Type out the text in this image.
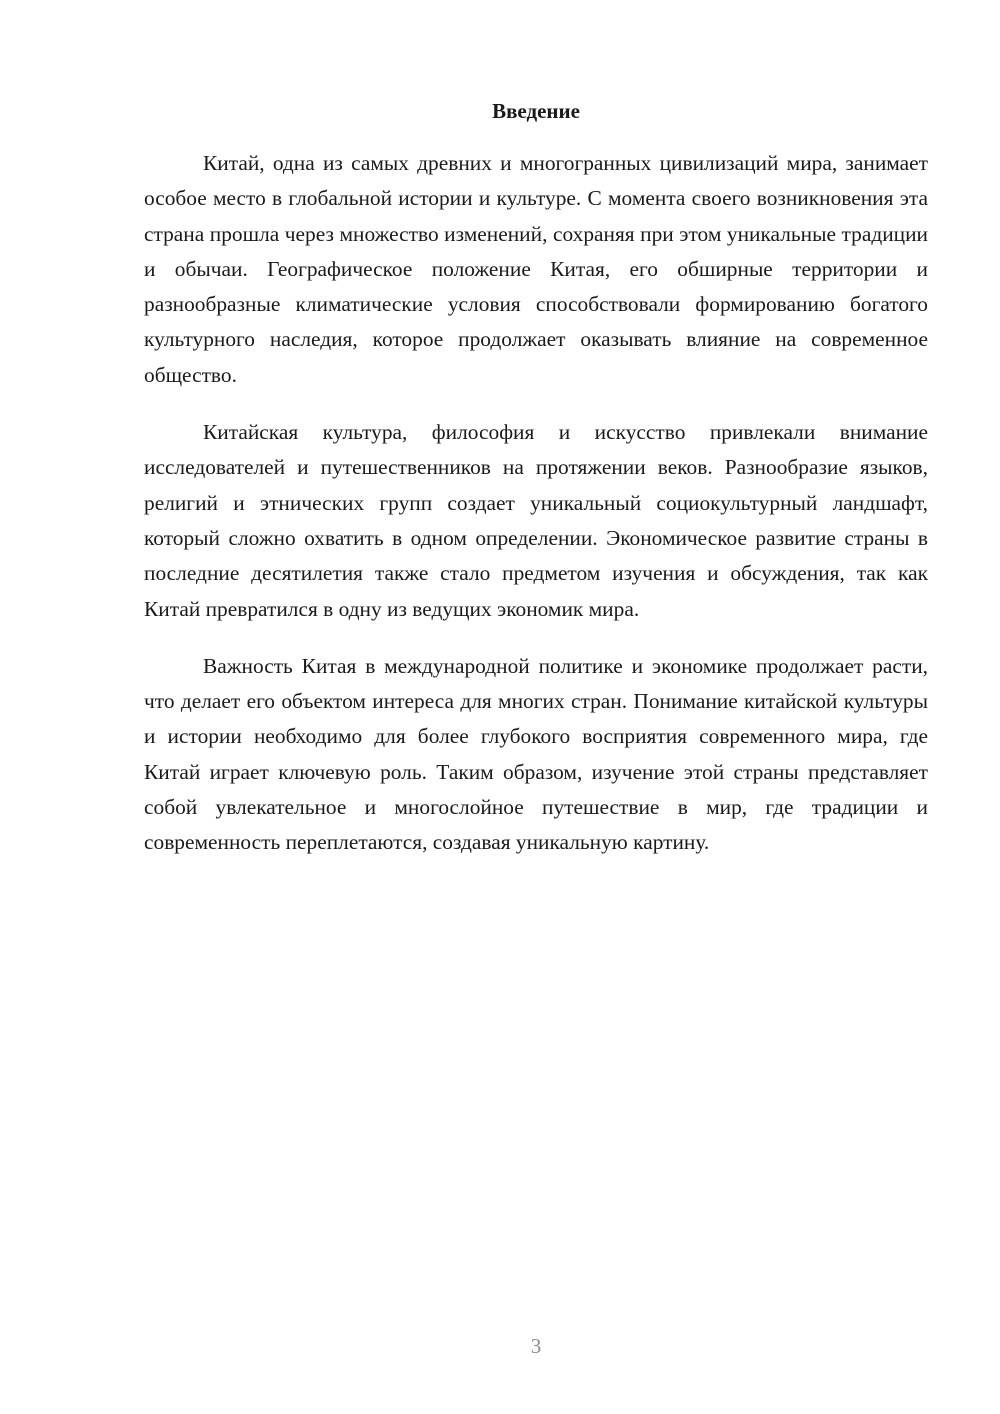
Введение

Китай, одна из самых древних и многогранных цивилизаций мира, занимает особое место в глобальной истории и культуре. С момента своего возникновения эта страна прошла через множество изменений, сохраняя при этом уникальные традиции и обычаи. Географическое положение Китая, его обширные территории и разнообразные климатические условия способствовали формированию богатого культурного наследия, которое продолжает оказывать влияние на современное общество.

Китайская культура, философия и искусство привлекали внимание исследователей и путешественников на протяжении веков. Разнообразие языков, религий и этнических групп создает уникальный социокультурный ландшафт, который сложно охватить в одном определении. Экономическое развитие страны в последние десятилетия также стало предметом изучения и обсуждения, так как Китай превратился в одну из ведущих экономик мира.

Важность Китая в международной политике и экономике продолжает расти, что делает его объектом интереса для многих стран. Понимание китайской культуры и истории необходимо для более глубокого восприятия современного мира, где Китай играет ключевую роль. Таким образом, изучение этой страны представляет собой увлекательное и многослойное путешествие в мир, где традиции и современность переплетаются, создавая уникальную картину.

3
